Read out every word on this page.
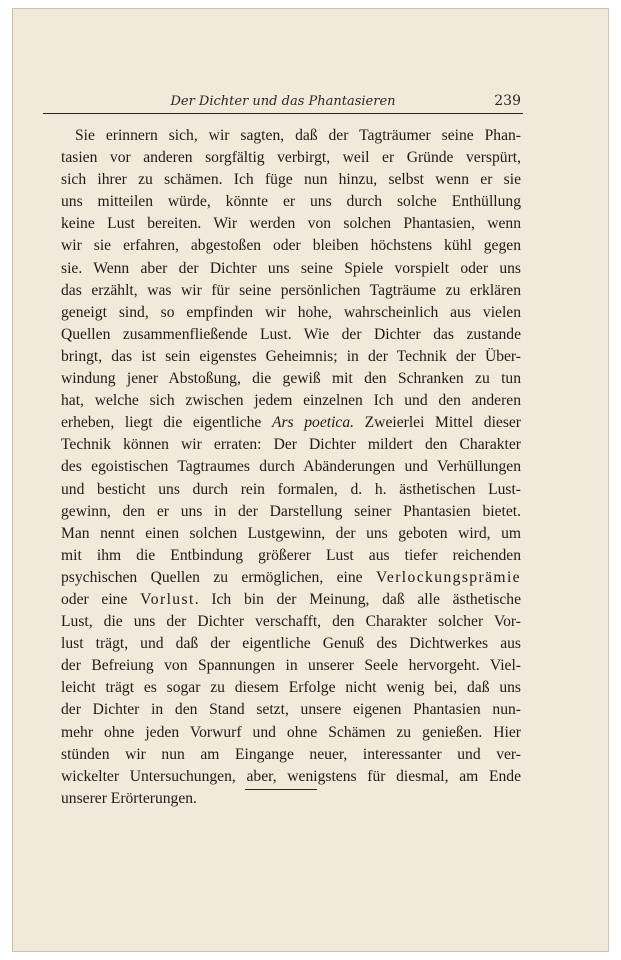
Der Dichter und das Phantasieren	239
Sie erinnern sich, wir sagten, daß der Tagträumer seine Phan-
tasien vor anderen sorgfältig verbirgt, weil er Gründe verspürt,
sich ihrer zu schämen. Ich füge nun hinzu, selbst wenn er sie
uns mitteilen würde, könnte er uns durch solche Enthüllung
keine Lust bereiten. Wir werden von solchen Phantasien, wenn
wir sie erfahren, abgestoßen oder bleiben höchstens kühl gegen
sie. Wenn aber der Dichter uns seine Spiele vorspielt oder uns
das erzählt, was wir für seine persönlichen Tagträume zu erklären
geneigt sind, so empfinden wir hohe, wahrscheinlich aus vielen
Quellen zusammenfließende Lust. Wie der Dichter das zustande
bringt, das ist sein eigenstes Geheimnis; in der Technik der Über-
windung jener Abstoßung, die gewiß mit den Schranken zu tun
hat, welche sich zwischen jedem einzelnen Ich und den anderen
erheben, liegt die eigentliche Ars poetica. Zweierlei Mittel dieser
Technik können wir erraten: Der Dichter mildert den Charakter
des egoistischen Tagtraumes durch Abänderungen und Verhüllungen
und besticht uns durch rein formalen, d. h. ästhetischen Lust-
gewinn, den er uns in der Darstellung seiner Phantasien bietet.
Man nennt einen solchen Lustgewinn, der uns geboten wird, um
mit ihm die Entbindung größerer Lust aus tiefer reichenden
psychischen Quellen zu ermöglichen, eine Verlockungsprämie
oder eine Vorlust. Ich bin der Meinung, daß alle ästhetische
Lust, die uns der Dichter verschafft, den Charakter solcher Vor-
lust trägt, und daß der eigentliche Genuß des Dichtwerkes aus
der Befreiung von Spannungen in unserer Seele hervorgeht. Viel-
leicht trägt es sogar zu diesem Erfolge nicht wenig bei, daß uns
der Dichter in den Stand setzt, unsere eigenen Phantasien nun-
mehr ohne jeden Vorwurf und ohne Schämen zu genießen. Hier
stünden wir nun am Eingange neuer, interessanter und ver-
wickelter Untersuchungen, aber, wenigstens für diesmal, am Ende
unserer Erörterungen.
